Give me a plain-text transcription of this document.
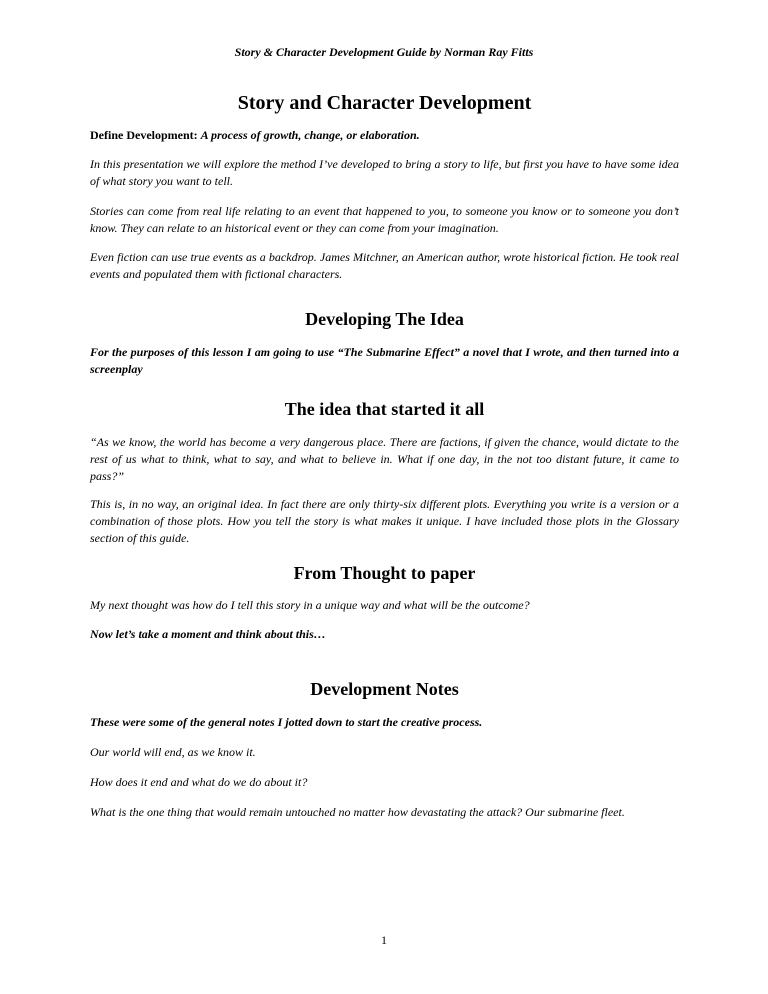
Story & Character Development Guide by Norman Ray Fitts
Story and Character Development

Define Development: A process of growth, change, or elaboration.

In this presentation we will explore the method I’ve developed to bring a story to life, but first you have to have some idea of what story you want to tell.

Stories can come from real life relating to an event that happened to you, to someone you know or to someone you don’t know. They can relate to an historical event or they can come from your imagination.

Even fiction can use true events as a backdrop. James Mitchner, an American author, wrote historical fiction. He took real events and populated them with fictional characters.

Developing The Idea

For the purposes of this lesson I am going to use “The Submarine Effect” a novel that I wrote, and then turned into a screenplay

The idea that started it all

“As we know, the world has become a very dangerous place. There are factions, if given the chance, would dictate to the rest of us what to think, what to say, and what to believe in. What if one day, in the not too distant future, it came to pass?”

This is, in no way, an original idea. In fact there are only thirty-six different plots. Everything you write is a version or a combination of those plots. How you tell the story is what makes it unique. I have included those plots in the Glossary section of this guide.

From Thought to paper

My next thought was how do I tell this story in a unique way and what will be the outcome?

Now let’s take a moment and think about this…

Development Notes

These were some of the general notes I jotted down to start the creative process.

Our world will end, as we know it.

How does it end and what do we do about it?

What is the one thing that would remain untouched no matter how devastating the attack? Our submarine fleet.

1
